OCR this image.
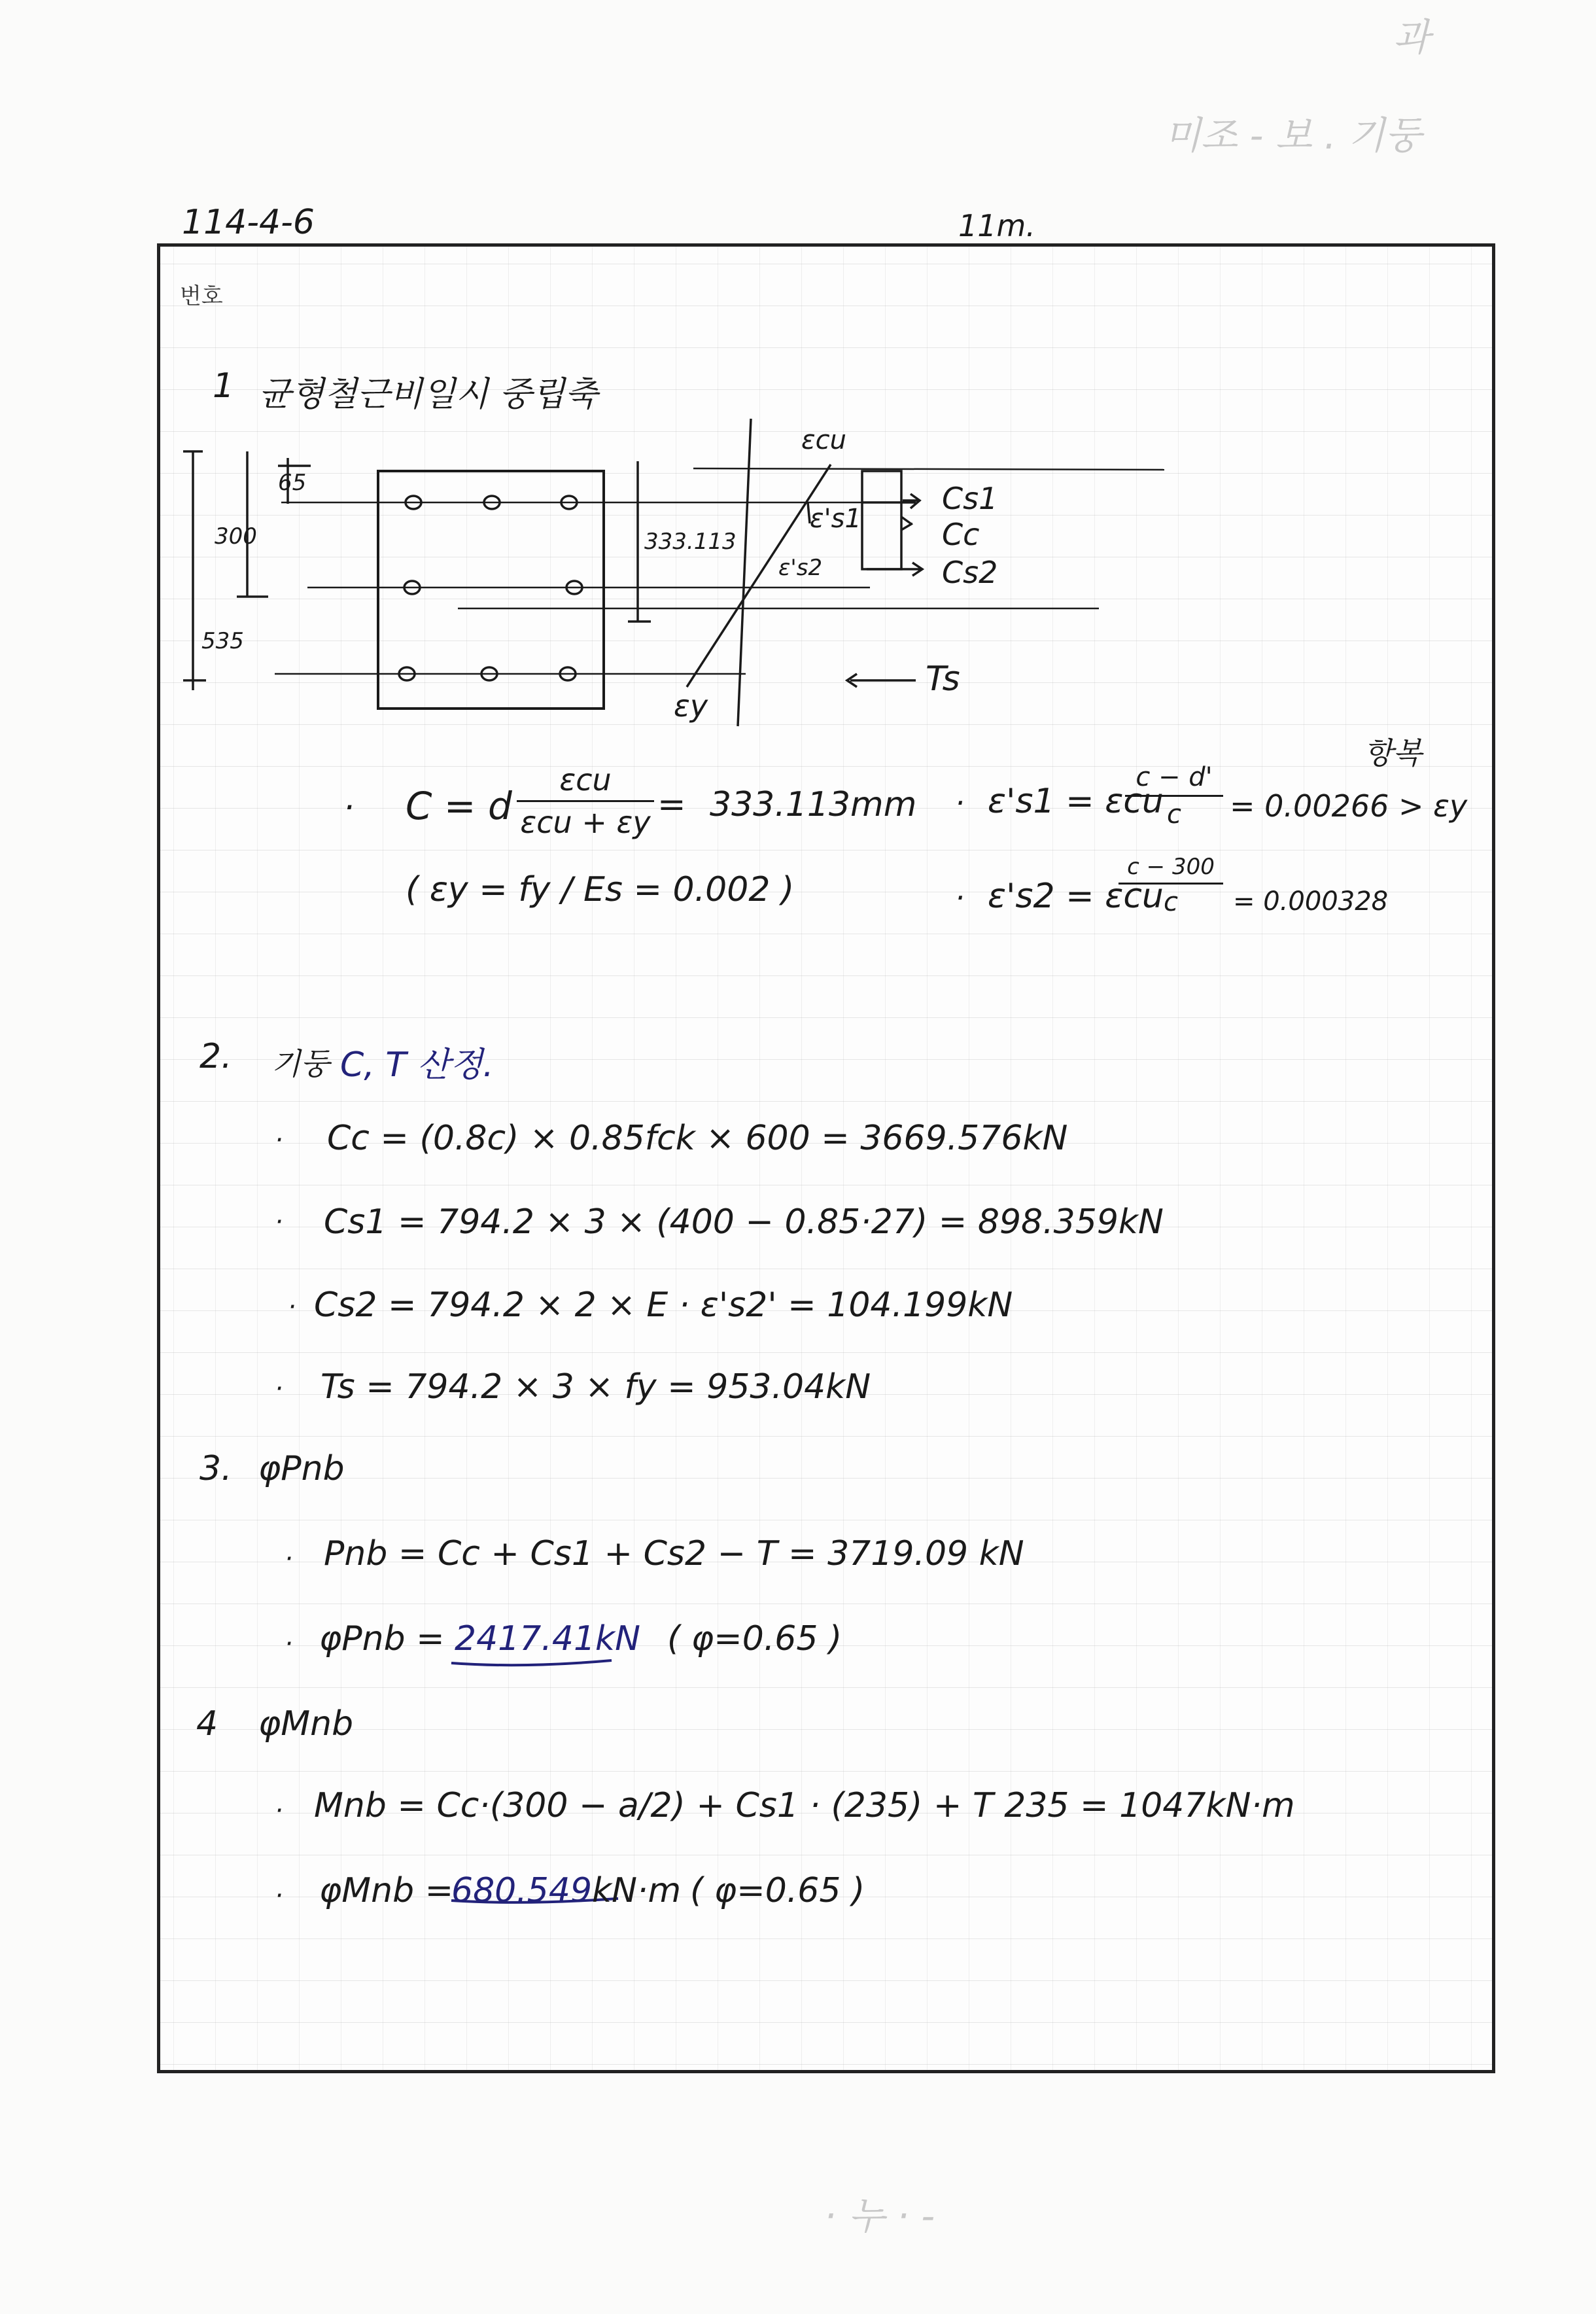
과
미조 - 보 . 기둥
114-4-6	11m.
번호
1 균형철근비일시 중립축
65
300
535
333.113
εcu
ε's1
ε's2
εy
Cs1
Cc
Cs2
Ts
· C = d
εcu
εcu + εy = 333.113mm
( εy = fy / Es = 0.002 )
항복
· ε's1 = εcu
c − d'
c	= 0.00266 > εy
· ε's2 = εcu
c − 300
c	= 0.000328
2. 기둥 C, T 산정.
· Cc = (0.8c) × 0.85fck × 600 = 3669.576kN
· Cs1 = 794.2 × 3 × (400 − 0.85·27) = 898.359kN
· Cs2 = 794.2 × 2 × E · ε's2' = 104.199kN
· Ts = 794.2 × 3 × fy = 953.04kN
3. φPnb
· Pnb = Cc + Cs1 + Cs2 − T = 3719.09 kN
· φPnb = 2417.41kN ( φ=0.65 )
4 φMnb
· Mnb = Cc·(300 − a/2) + Cs1 · (235) + T 235 = 1047kN·m
· φMnb =
680.549 kN·m ( φ=0.65 )
· 누 · -
